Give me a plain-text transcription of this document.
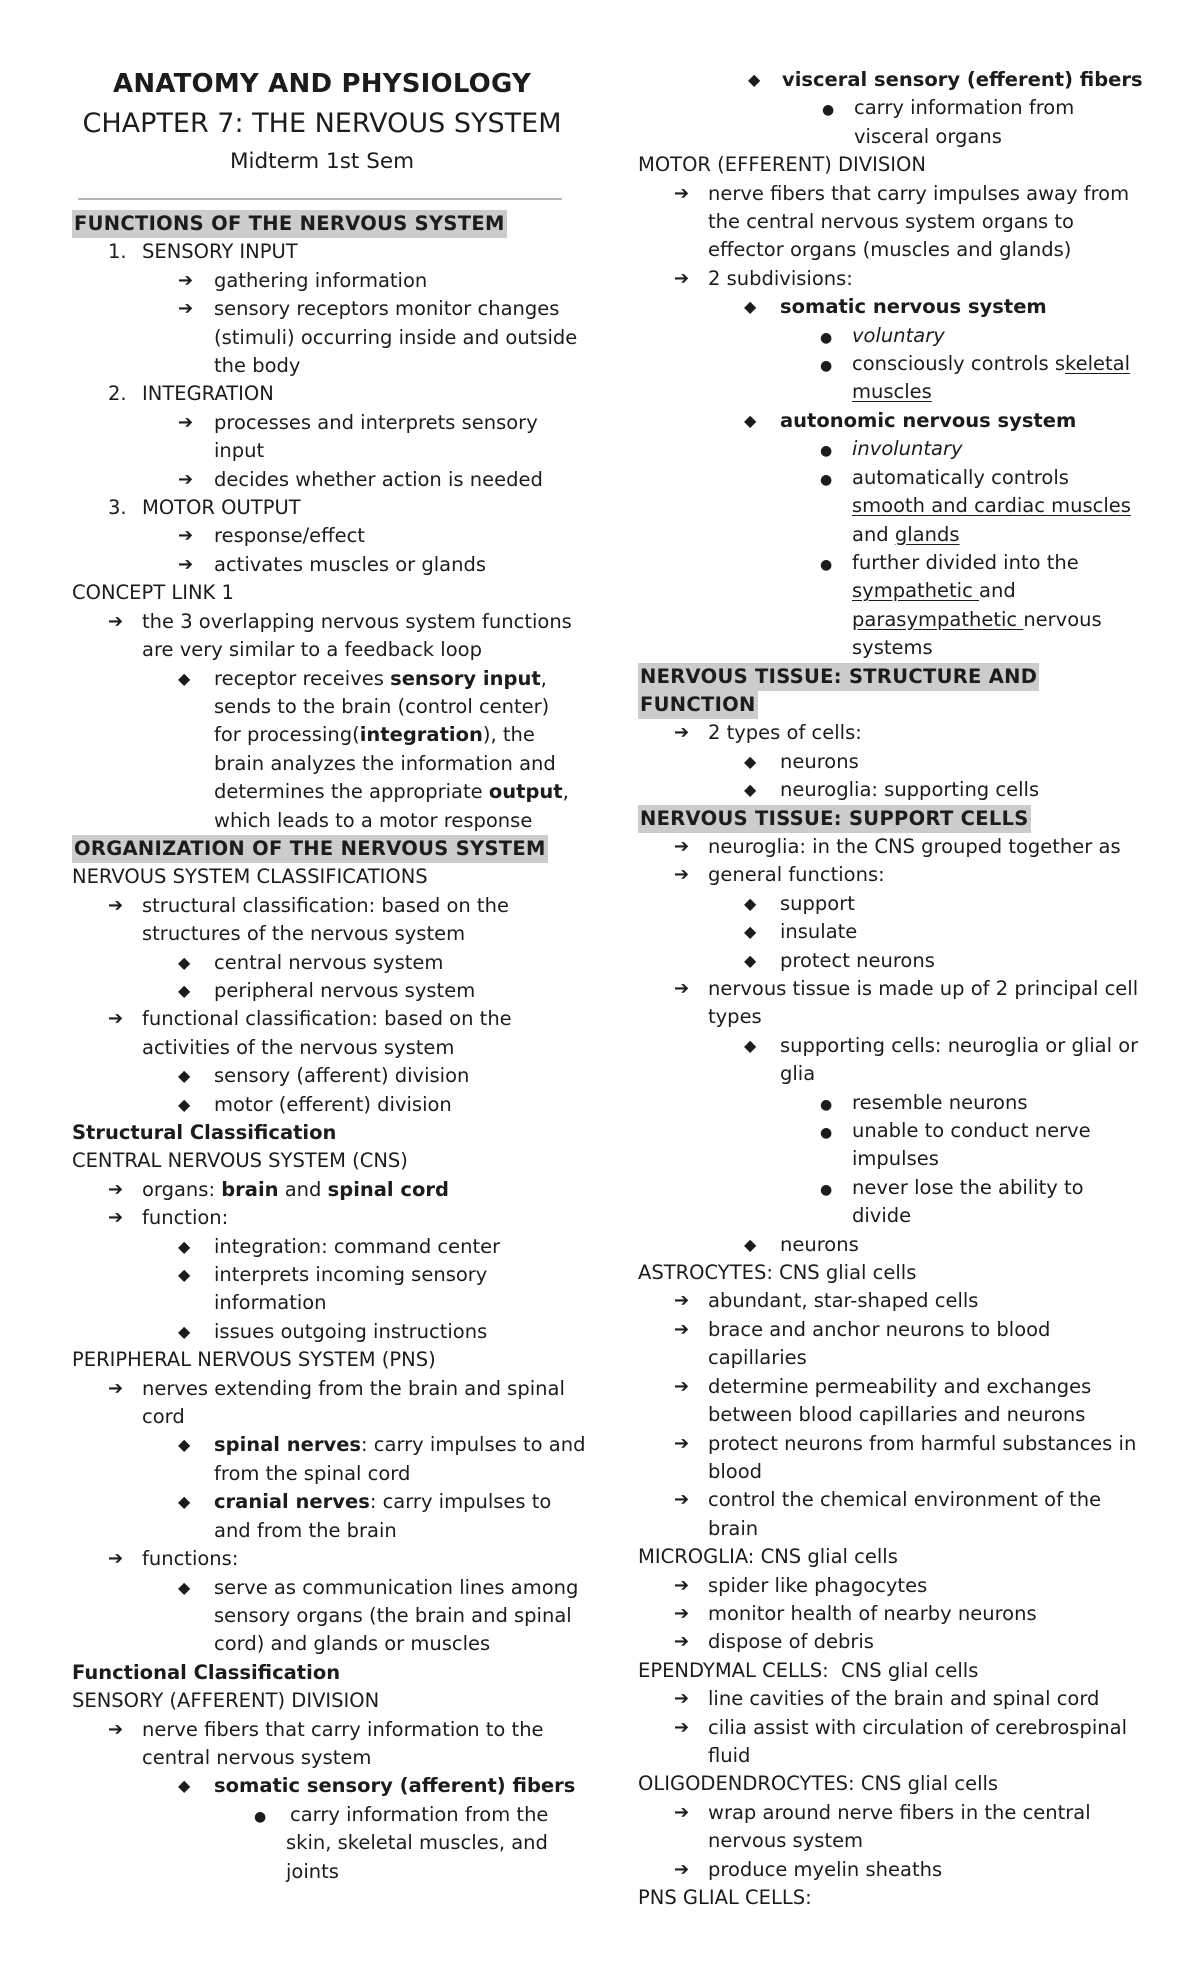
ANATOMY AND PHYSIOLOGY
CHAPTER 7: THE NERVOUS SYSTEM
Midterm 1st Sem
FUNCTIONS OF THE NERVOUS SYSTEM
1. SENSORY INPUT
➔ gathering information
➔ sensory receptors monitor changes
(stimuli) occurring inside and outside
the body
2. INTEGRATION
➔ processes and interprets sensory
input
➔ decides whether action is needed
3. MOTOR OUTPUT
➔ response/effect
➔ activates muscles or glands
CONCEPT LINK 1
➔ the 3 overlapping nervous system functions
are very similar to a feedback loop
◆ receptor receives sensory input,
sends to the brain (control center)
for processing(integration), the
brain analyzes the information and
determines the appropriate output,
which leads to a motor response
ORGANIZATION OF THE NERVOUS SYSTEM
NERVOUS SYSTEM CLASSIFICATIONS
➔ structural classification: based on the
structures of the nervous system
◆ central nervous system
◆ peripheral nervous system
➔ functional classification: based on the
activities of the nervous system
◆ sensory (afferent) division
◆ motor (efferent) division
Structural Classification
CENTRAL NERVOUS SYSTEM (CNS)
➔ organs: brain and spinal cord
➔ function:
◆ integration: command center
◆ interprets incoming sensory
information
◆ issues outgoing instructions
PERIPHERAL NERVOUS SYSTEM (PNS)
➔ nerves extending from the brain and spinal
cord
◆ spinal nerves: carry impulses to and
from the spinal cord
◆ cranial nerves: carry impulses to
and from the brain
➔ functions:
◆ serve as communication lines among
sensory organs (the brain and spinal
cord) and glands or muscles
Functional Classification
SENSORY (AFFERENT) DIVISION
➔ nerve fibers that carry information to the
central nervous system
◆ somatic sensory (afferent) fibers
● carry information from the
skin, skeletal muscles, and
joints
◆ visceral sensory (efferent) fibers
● carry information from
visceral organs
MOTOR (EFFERENT) DIVISION
➔ nerve fibers that carry impulses away from
the central nervous system organs to
effector organs (muscles and glands)
➔ 2 subdivisions:
◆ somatic nervous system
● voluntary
● consciously controls skeletal
muscles
◆ autonomic nervous system
● involuntary
● automatically controls
smooth and cardiac muscles
and glands
● further divided into the
sympathetic and
parasympathetic nervous
systems
NERVOUS TISSUE: STRUCTURE AND
FUNCTION
➔ 2 types of cells:
◆ neurons
◆ neuroglia: supporting cells
NERVOUS TISSUE: SUPPORT CELLS
➔ neuroglia: in the CNS grouped together as
➔ general functions:
◆ support
◆ insulate
◆ protect neurons
➔ nervous tissue is made up of 2 principal cell
types
◆ supporting cells: neuroglia or glial or
glia
● resemble neurons
● unable to conduct nerve
impulses
● never lose the ability to
divide
◆ neurons
ASTROCYTES: CNS glial cells
➔ abundant, star-shaped cells
➔ brace and anchor neurons to blood
capillaries
➔ determine permeability and exchanges
between blood capillaries and neurons
➔ protect neurons from harmful substances in
blood
➔ control the chemical environment of the
brain
MICROGLIA: CNS glial cells
➔ spider like phagocytes
➔ monitor health of nearby neurons
➔ dispose of debris
EPENDYMAL CELLS:  CNS glial cells
➔ line cavities of the brain and spinal cord
➔ cilia assist with circulation of cerebrospinal
fluid
OLIGODENDROCYTES: CNS glial cells
➔ wrap around nerve fibers in the central
nervous system
➔ produce myelin sheaths
PNS GLIAL CELLS:
